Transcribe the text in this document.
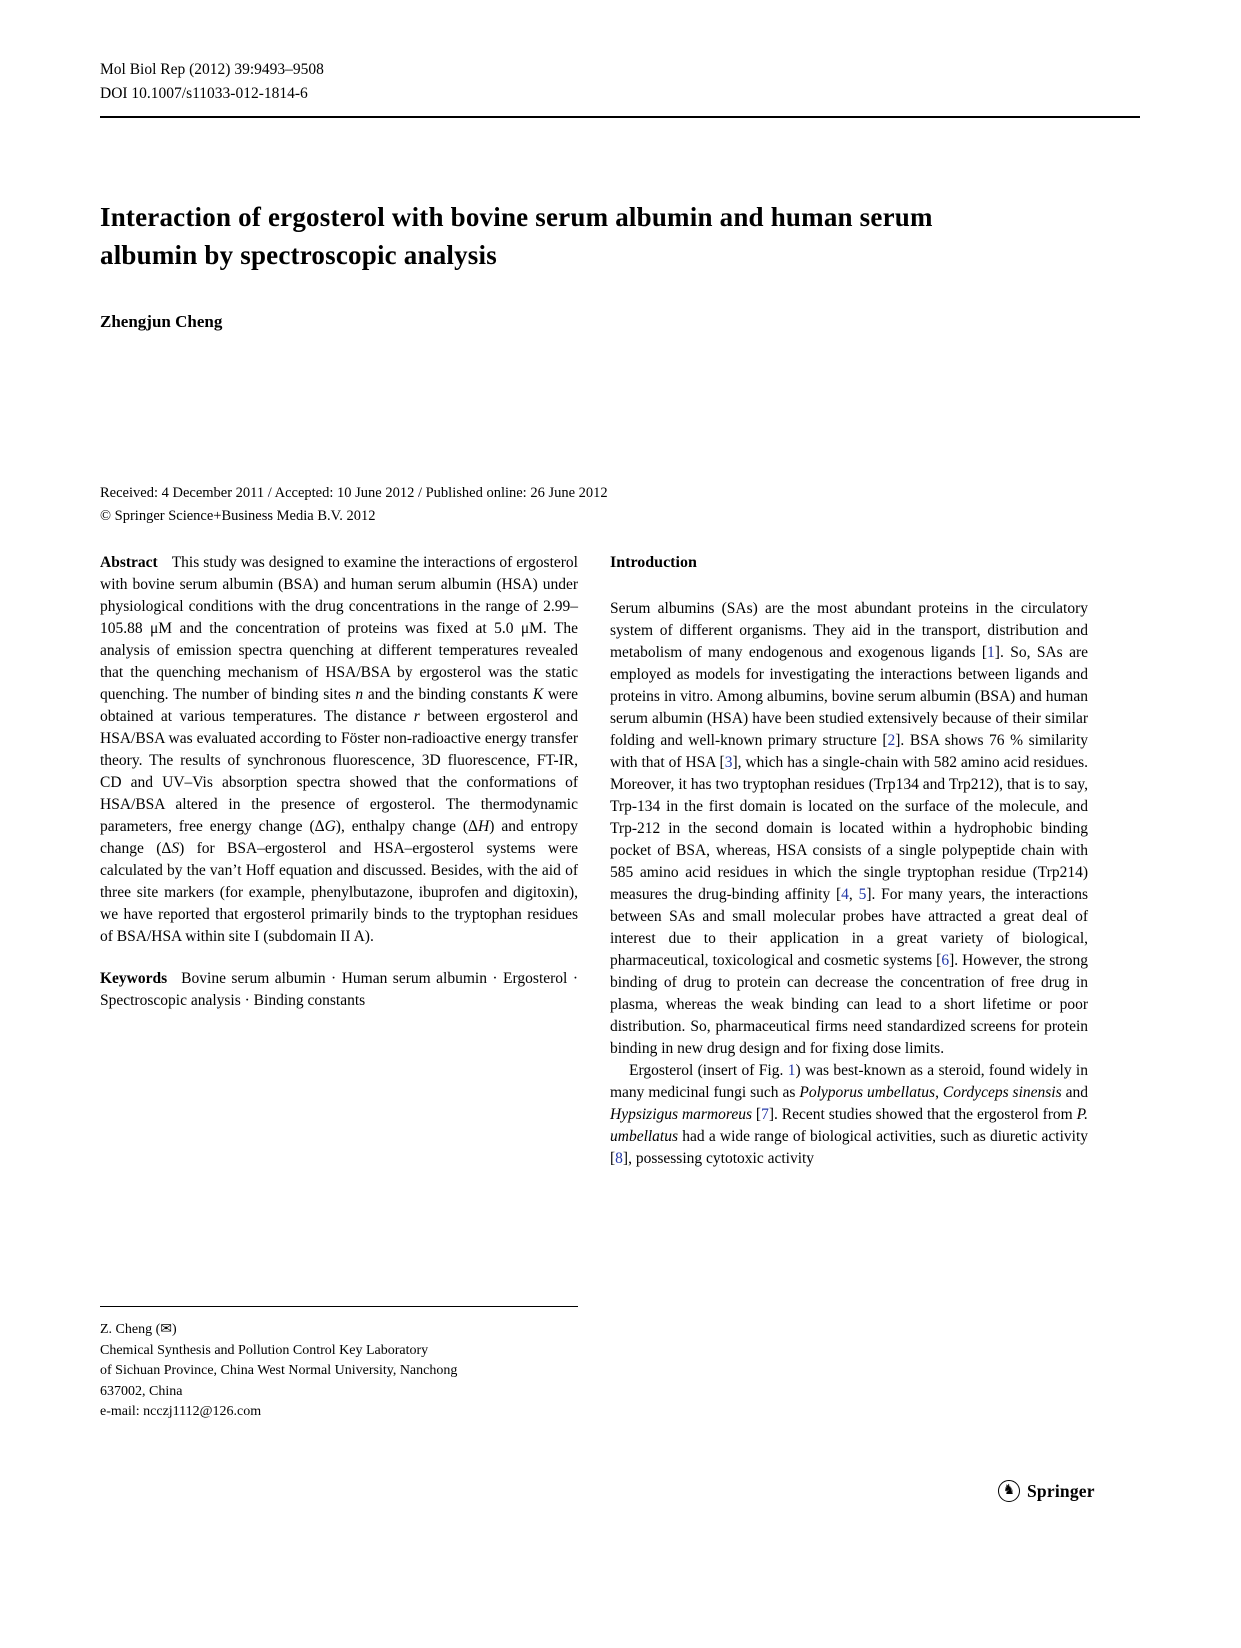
Mol Biol Rep (2012) 39:9493–9508
DOI 10.1007/s11033-012-1814-6
Interaction of ergosterol with bovine serum albumin and human serum albumin by spectroscopic analysis
Zhengjun Cheng
Received: 4 December 2011 / Accepted: 10 June 2012 / Published online: 26 June 2012
© Springer Science+Business Media B.V. 2012

Abstract This study was designed to examine the interactions of ergosterol with bovine serum albumin (BSA) and human serum albumin (HSA) under physiological conditions with the drug concentrations in the range of 2.99–105.88 μM and the concentration of proteins was fixed at 5.0 μM. The analysis of emission spectra quenching at different temperatures revealed that the quenching mechanism of HSA/BSA by ergosterol was the static quenching. The number of binding sites n and the binding constants K were obtained at various temperatures. The distance r between ergosterol and HSA/BSA was evaluated according to Föster non-radioactive energy transfer theory. The results of synchronous fluorescence, 3D fluorescence, FT-IR, CD and UV–Vis absorption spectra showed that the conformations of HSA/BSA altered in the presence of ergosterol. The thermodynamic parameters, free energy change (ΔG), enthalpy change (ΔH) and entropy change (ΔS) for BSA–ergosterol and HSA–ergosterol systems were calculated by the van’t Hoff equation and discussed. Besides, with the aid of three site markers (for example, phenylbutazone, ibuprofen and digitoxin), we have reported that ergosterol primarily binds to the tryptophan residues of BSA/HSA within site I (subdomain II A).

Keywords Bovine serum albumin · Human serum albumin · Ergosterol · Spectroscopic analysis · Binding constants

Introduction

Serum albumins (SAs) are the most abundant proteins in the circulatory system of different organisms. They aid in the transport, distribution and metabolism of many endogenous and exogenous ligands [1]. So, SAs are employed as models for investigating the interactions between ligands and proteins in vitro. Among albumins, bovine serum albumin (BSA) and human serum albumin (HSA) have been studied extensively because of their similar folding and well-known primary structure [2]. BSA shows 76 % similarity with that of HSA [3], which has a single-chain with 582 amino acid residues. Moreover, it has two tryptophan residues (Trp134 and Trp212), that is to say, Trp-134 in the first domain is located on the surface of the molecule, and Trp-212 in the second domain is located within a hydrophobic binding pocket of BSA, whereas, HSA consists of a single polypeptide chain with 585 amino acid residues in which the single tryptophan residue (Trp214) measures the drug-binding affinity [4, 5]. For many years, the interactions between SAs and small molecular probes have attracted a great deal of interest due to their application in a great variety of biological, pharmaceutical, toxicological and cosmetic systems [6]. However, the strong binding of drug to protein can decrease the concentration of free drug in plasma, whereas the weak binding can lead to a short lifetime or poor distribution. So, pharmaceutical firms need standardized screens for protein binding in new drug design and for fixing dose limits.

Ergosterol (insert of Fig. 1) was best-known as a steroid, found widely in many medicinal fungi such as Polyporus umbellatus, Cordyceps sinensis and Hypsizigus marmoreus [7]. Recent studies showed that the ergosterol from P. umbellatus had a wide range of biological activities, such as diuretic activity [8], possessing cytotoxic activity

Z. Cheng (✉)
Chemical Synthesis and Pollution Control Key Laboratory
of Sichuan Province, China West Normal University, Nanchong
637002, China
e-mail: ncczj1112@126.com
♞ Springer
